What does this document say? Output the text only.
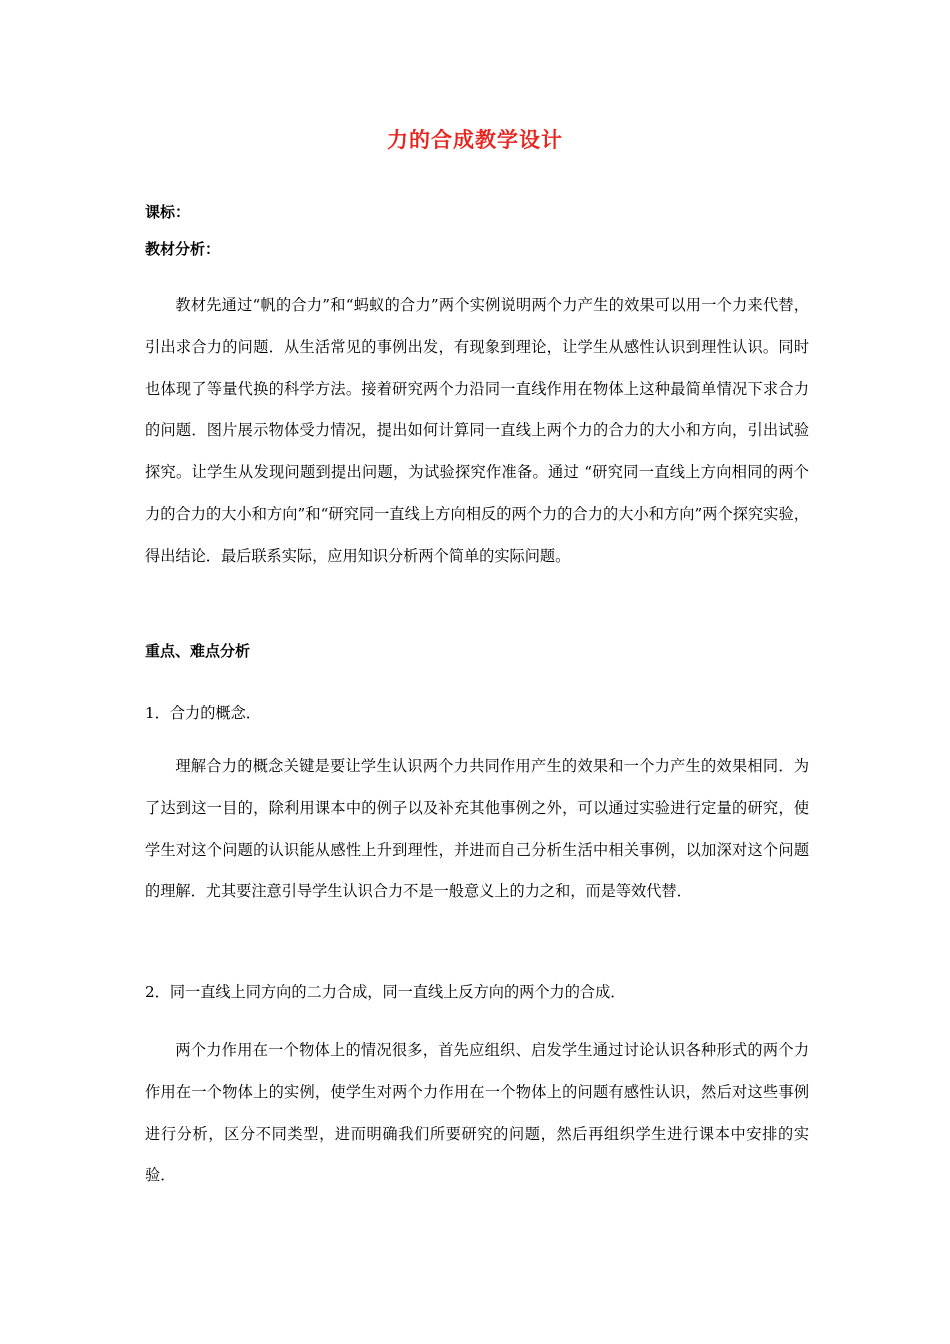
力的合成教学设计
课标：
教材分析：

教材先通过“帆的合力”和“蚂蚁的合力”两个实例说明两个力产生的效果可以用一个力来代替，引出求合力的问题．从生活常见的事例出发，有现象到理论，让学生从感性认识到理性认识。同时也体现了等量代换的科学方法。接着研究两个力沿同一直线作用在物体上这种最简单情况下求合力的问题．图片展示物体受力情况，提出如何计算同一直线上两个力的合力的大小和方向，引出试验探究。让学生从发现问题到提出问题，为试验探究作准备。通过 “研究同一直线上方向相同的两个力的合力的大小和方向”和“研究同一直线上方向相反的两个力的合力的大小和方向”两个探究实验，得出结论．最后联系实际，应用知识分析两个简单的实际问题。

重点、难点分析

1．合力的概念．

理解合力的概念关键是要让学生认识两个力共同作用产生的效果和一个力产生的效果相同．为了达到这一目的，除利用课本中的例子以及补充其他事例之外，可以通过实验进行定量的研究，使学生对这个问题的认识能从感性上升到理性，并进而自己分析生活中相关事例，以加深对这个问题的理解．尤其要注意引导学生认识合力不是一般意义上的力之和，而是等效代替．

2．同一直线上同方向的二力合成，同一直线上反方向的两个力的合成．

两个力作用在一个物体上的情况很多，首先应组织、启发学生通过讨论认识各种形式的两个力作用在一个物体上的实例，使学生对两个力作用在一个物体上的问题有感性认识，然后对这些事例进行分析，区分不同类型，进而明确我们所要研究的问题，然后再组织学生进行课本中安排的实验．
